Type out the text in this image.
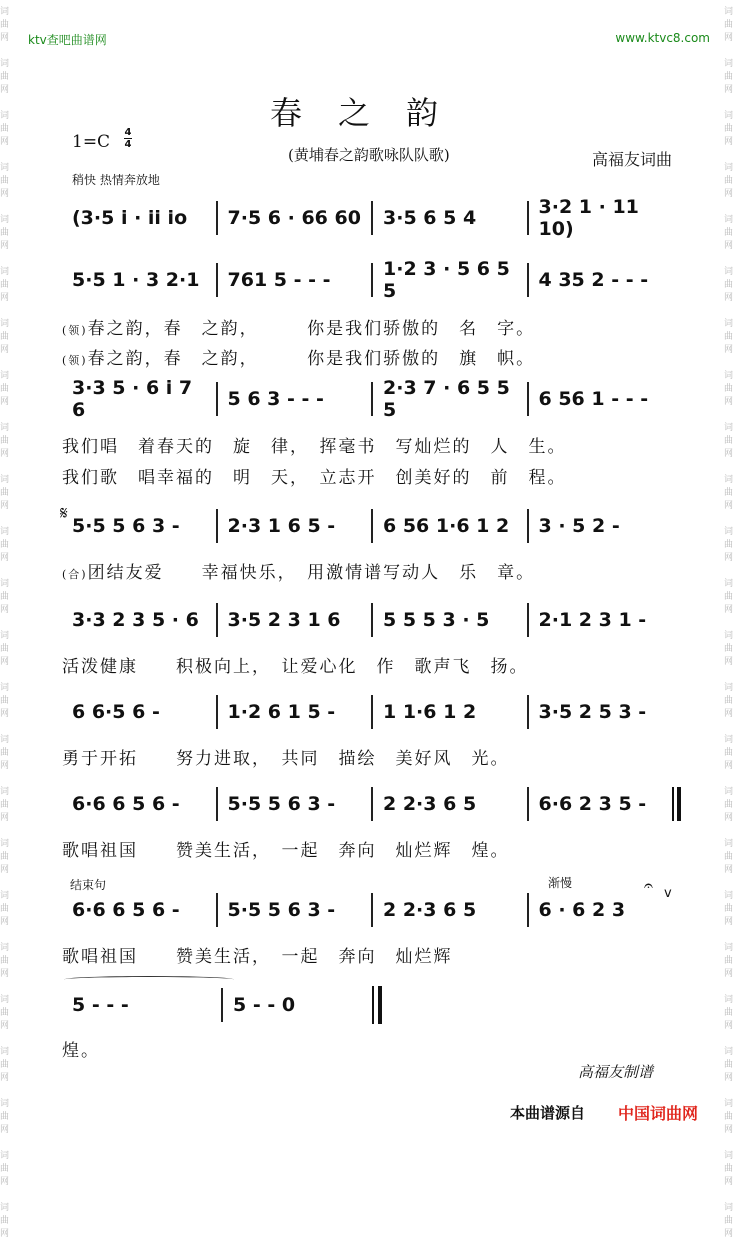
词曲网

词曲网

词曲网

词曲网

词曲网

词曲网

词曲网

词曲网

词曲网

词曲网

词曲网

词曲网

词曲网

词曲网

词曲网

词曲网

词曲网

词曲网

词曲网

词曲网

词曲网

词曲网

词曲网

词曲网
词曲网

词曲网

词曲网

词曲网

词曲网

词曲网

词曲网

词曲网

词曲网

词曲网

词曲网

词曲网

词曲网

词曲网

词曲网

词曲网

词曲网

词曲网

词曲网

词曲网

词曲网

词曲网

词曲网

词曲网
ktv查吧曲谱网	www.ktvc8.com
春之韵
1=C 4
4
(黄埔春之韵歌咏队队歌)	高福友词曲
稍快 热情奔放地
(3·5 i · ii io	7·5 6 · 66 60	3·5 6 5 4	3·2 1 · 11 10)
5·5 1 · 3 2·1	761 5 - - -	1·2 3 · 5 6 5 5	4 35 2 - - -
(领)春之韵，春　之韵，　　　	你是我们骄傲的　名　字。
(领)春之韵，春　之韵，　　　	你是我们骄傲的　旗　帜。
3·3 5 · 6 i 7 6	5 6 3 - - -	2·3 7 · 6 5 5 5	6 56 1 - - -
我们唱　着春天的　旋　律，　挥毫书　写灿烂的　人　生。
我们歌　唱幸福的　明　天，　立志开　创美好的　前　程。
𝄋
5·5 5 6 3 -	2·3 1 6 5 -	6 56 1·6 1 2	3 · 5 2 -
(合)团结友爱　　幸福快乐，　用激情谱写动人　乐　章。
3·3 2 3 5 · 6	3·5 2 3 1 6	5 5 5 3 · 5	2·1 2 3 1 -
活泼健康　　积极向上，　让爱心化　作　歌声飞　扬。
6 6·5 6 -	1·2 6 1 5 -	1 1·6 1 2	3·5 2 5 3 -
勇于开拓　　努力进取，　共同　描绘　美好风　光。
6·6 6 5 6 -	5·5 5 6 3 -	2 2·3 6 5	6·6 2 3 5 -
歌唱祖国　　赞美生活，　一起　奔向　灿烂辉　煌。
结束句	渐慢	𝄐 v
6·6 6 5 6 -	5·5 5 6 3 -	2 2·3 6 5	6 · 6 2 3
歌唱祖国　　赞美生活，　一起　奔向　灿烂辉
5 - - -	5 - - 0
煌。
高福友制谱
本曲谱源自 中国词曲网
